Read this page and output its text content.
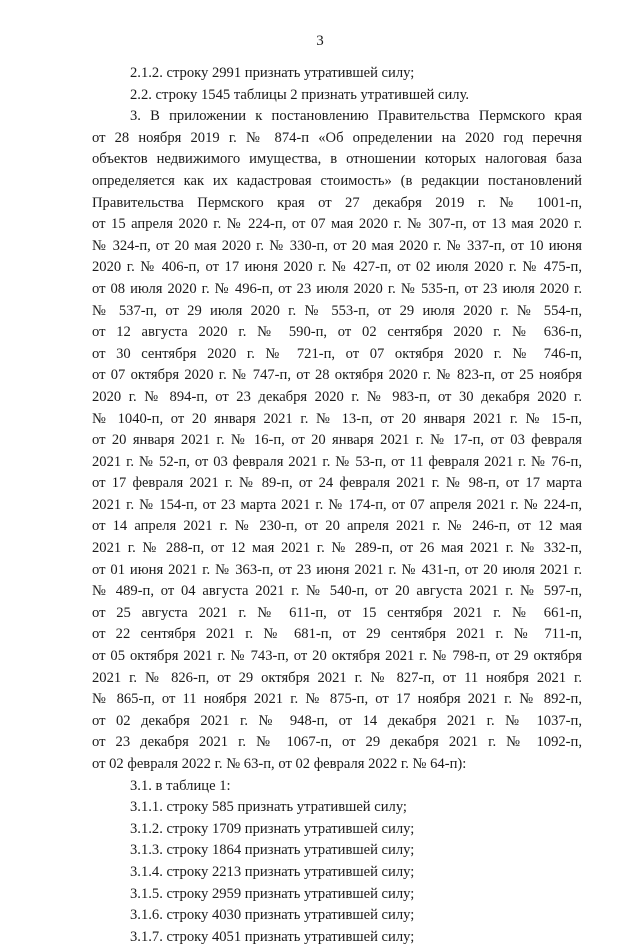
3
2.1.2. строку 2991 признать утратившей силу;
2.2. строку 1545 таблицы 2 признать утратившей силу.
3. В приложении к постановлению Правительства Пермского края
от 28 ноября 2019 г. № 874-п «Об определении на 2020 год перечня
объектов недвижимого имущества, в отношении которых налоговая база
определяется как их кадастровая стоимость» (в редакции постановлений
Правительства Пермского края от 27 декабря 2019 г. № 1001-п,
от 15 апреля 2020 г. № 224-п, от 07 мая 2020 г. № 307-п, от 13 мая 2020 г.
№ 324-п, от 20 мая 2020 г. № 330-п, от 20 мая 2020 г. № 337-п, от 10 июня
2020 г. № 406-п, от 17 июня 2020 г. № 427-п, от 02 июля 2020 г. № 475-п,
от 08 июля 2020 г. № 496-п, от 23 июля 2020 г. № 535-п, от 23 июля 2020 г.
№ 537-п, от 29 июля 2020 г. № 553-п, от 29 июля 2020 г. № 554-п,
от 12 августа 2020 г. № 590-п, от 02 сентября 2020 г. № 636-п,
от 30 сентября 2020 г. № 721-п, от 07 октября 2020 г. № 746-п,
от 07 октября 2020 г. № 747-п, от 28 октября 2020 г. № 823-п, от 25 ноября
2020 г. № 894-п, от 23 декабря 2020 г. № 983-п, от 30 декабря 2020 г.
№ 1040-п, от 20 января 2021 г. № 13-п, от 20 января 2021 г. № 15-п,
от 20 января 2021 г. № 16-п, от 20 января 2021 г. № 17-п, от 03 февраля
2021 г. № 52-п, от 03 февраля 2021 г. № 53-п, от 11 февраля 2021 г. № 76-п,
от 17 февраля 2021 г. № 89-п, от 24 февраля 2021 г. № 98-п, от 17 марта
2021 г. № 154-п, от 23 марта 2021 г. № 174-п, от 07 апреля 2021 г. № 224-п,
от 14 апреля 2021 г. № 230-п, от 20 апреля 2021 г. № 246-п, от 12 мая
2021 г. № 288-п, от 12 мая 2021 г. № 289-п, от 26 мая 2021 г. № 332-п,
от 01 июня 2021 г. № 363-п, от 23 июня 2021 г. № 431-п, от 20 июля 2021 г.
№ 489-п, от 04 августа 2021 г. № 540-п, от 20 августа 2021 г. № 597-п,
от 25 августа 2021 г. № 611-п, от 15 сентября 2021 г. № 661-п,
от 22 сентября 2021 г. № 681-п, от 29 сентября 2021 г. № 711-п,
от 05 октября 2021 г. № 743-п, от 20 октября 2021 г. № 798-п, от 29 октября
2021 г. № 826-п, от 29 октября 2021 г. № 827-п, от 11 ноября 2021 г.
№ 865-п, от 11 ноября 2021 г. № 875-п, от 17 ноября 2021 г. № 892-п,
от 02 декабря 2021 г. № 948-п, от 14 декабря 2021 г. № 1037-п,
от 23 декабря 2021 г. № 1067-п, от 29 декабря 2021 г. № 1092-п,
от 02 февраля 2022 г. № 63-п, от 02 февраля 2022 г. № 64-п):
3.1. в таблице 1:
3.1.1. строку 585 признать утратившей силу;
3.1.2. строку 1709 признать утратившей силу;
3.1.3. строку 1864 признать утратившей силу;
3.1.4. строку 2213 признать утратившей силу;
3.1.5. строку 2959 признать утратившей силу;
3.1.6. строку 4030 признать утратившей силу;
3.1.7. строку 4051 признать утратившей силу;
